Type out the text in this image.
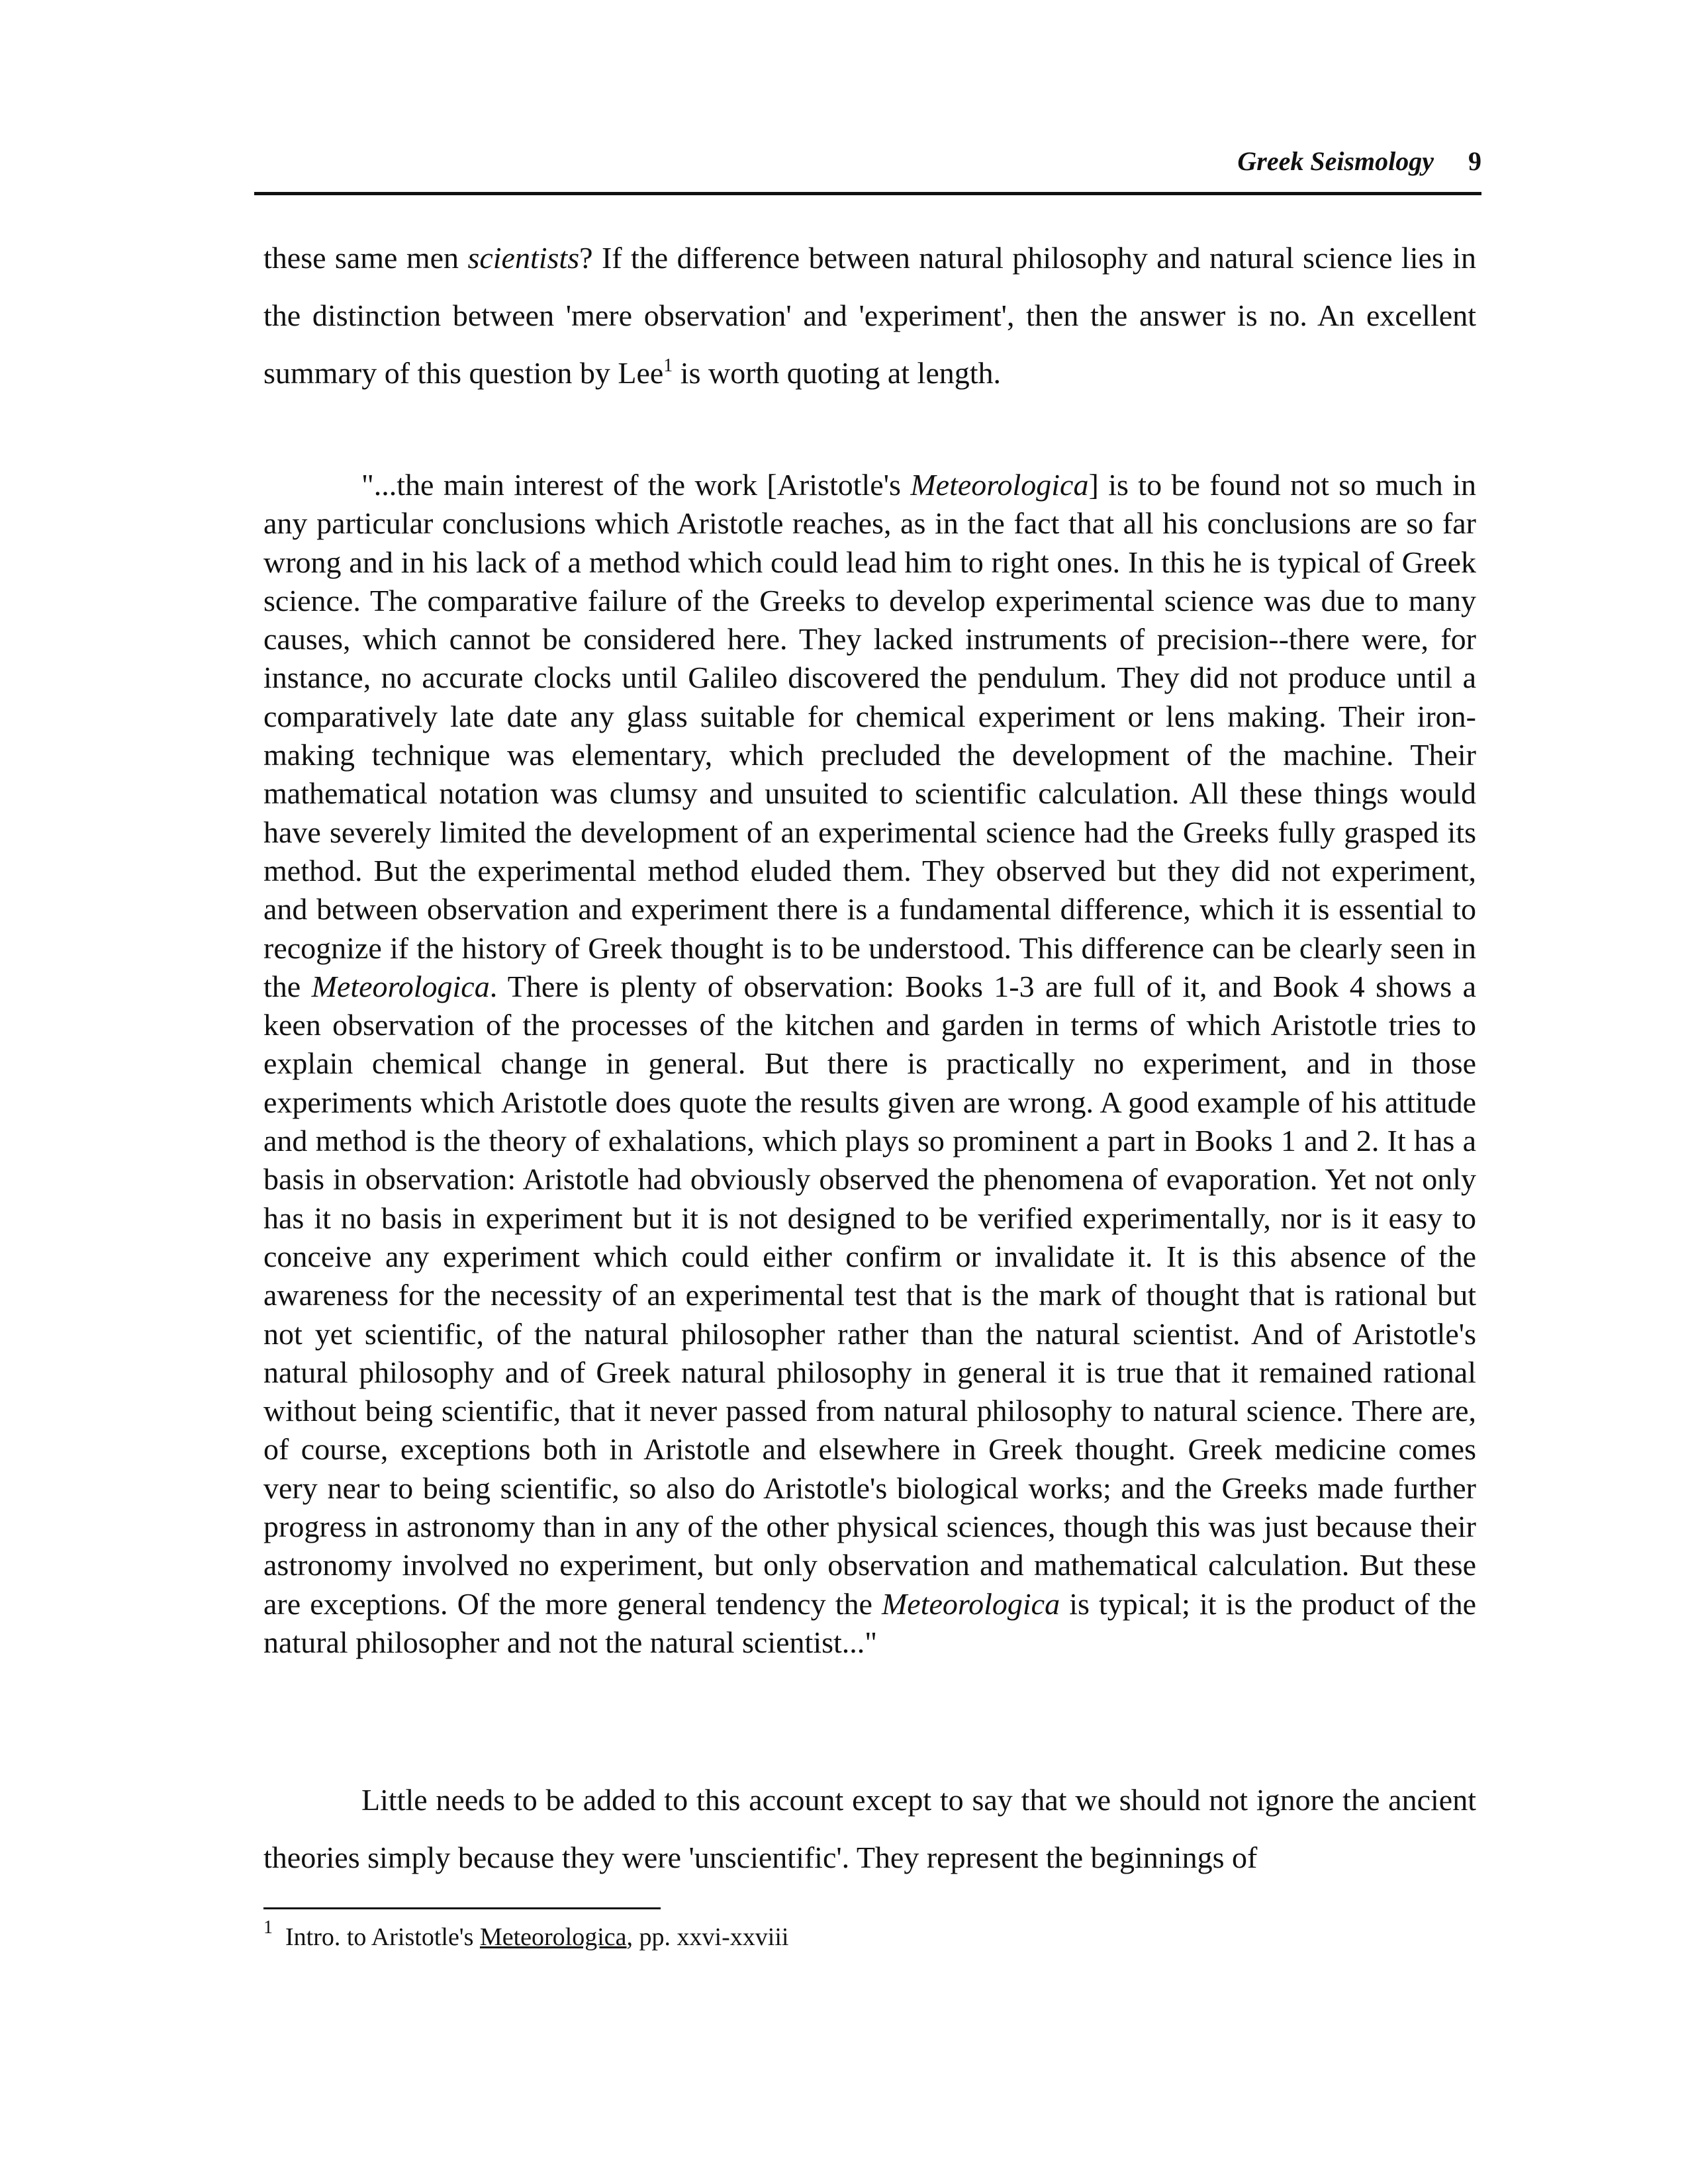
Greek Seismology 9

these same men scientists? If the difference between natural philosophy and natural science lies in the distinction between 'mere observation' and 'experiment', then the answer is no. An excellent summary of this question by Lee$^1$ is worth quoting at length.

"...the main interest of the work [Aristotle's Meteorologica] is to be found not so much in any particular conclusions which Aristotle reaches, as in the fact that all his conclusions are so far wrong and in his lack of a method which could lead him to right ones. In this he is typical of Greek science. The comparative failure of the Greeks to develop experimental science was due to many causes, which cannot be considered here. They lacked instruments of precision--there were, for instance, no accurate clocks until Galileo discovered the pendulum. They did not produce until a comparatively late date any glass suitable for chemical experiment or lens making. Their iron-making technique was elementary, which precluded the development of the machine. Their mathematical notation was clumsy and unsuited to scientific calculation. All these things would have severely limited the development of an experimental science had the Greeks fully grasped its method. But the experimental method eluded them. They observed but they did not experiment, and between observation and experiment there is a fundamental difference, which it is essential to recognize if the history of Greek thought is to be understood. This difference can be clearly seen in the Meteorologica. There is plenty of observation: Books 1-3 are full of it, and Book 4 shows a keen observation of the processes of the kitchen and garden in terms of which Aristotle tries to explain chemical change in general. But there is practically no experiment, and in those experiments which Aristotle does quote the results given are wrong. A good example of his attitude and method is the theory of exhalations, which plays so prominent a part in Books 1 and 2. It has a basis in observation: Aristotle had obviously observed the phenomena of evaporation. Yet not only has it no basis in experiment but it is not designed to be verified experimentally, nor is it easy to conceive any experiment which could either confirm or invalidate it. It is this absence of the awareness for the necessity of an experimental test that is the mark of thought that is rational but not yet scientific, of the natural philosopher rather than the natural scientist. And of Aristotle's natural philosophy and of Greek natural philosophy in general it is true that it remained rational without being scientific, that it never passed from natural philosophy to natural science. There are, of course, exceptions both in Aristotle and elsewhere in Greek thought. Greek medicine comes very near to being scientific, so also do Aristotle's biological works; and the Greeks made further progress in astronomy than in any of the other physical sciences, though this was just because their astronomy involved no experiment, but only observation and mathematical calculation. But these are exceptions. Of the more general tendency the Meteorologica is typical; it is the product of the natural philosopher and not the natural scientist..."

Little needs to be added to this account except to say that we should not ignore the ancient theories simply because they were 'unscientific'. They represent the beginnings of

$^1$ Intro. to Aristotle's Meteorologica, pp. xxvi-xxviii
